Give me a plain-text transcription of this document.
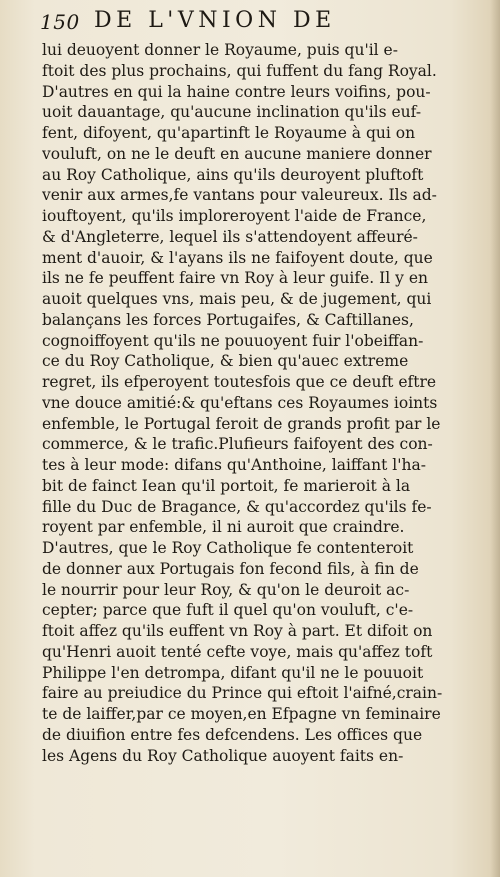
150 DE L'VNION DE
lui deuoyent donner le Royaume, puis qu'il e-
ftoit des plus prochains, qui fuffent du fang Royal.
D'autres en qui la haine contre leurs voifins, pou-
uoit dauantage, qu'aucune inclination qu'ils euf-
fent, difoyent, qu'apartinft le Royaume à qui on
vouluft, on ne le deuft en aucune maniere donner
au Roy Catholique, ains qu'ils deuroyent pluftoft
venir aux armes,fe vantans pour valeureux. Ils ad-
iouftoyent, qu'ils imploreroyent l'aide de France,
& d'Angleterre, lequel ils s'attendoyent affeuré-
ment d'auoir, & l'ayans ils ne faifoyent doute, que
ils ne fe peuffent faire vn Roy à leur guife. Il y en
auoit quelques vns, mais peu, & de jugement, qui
balançans les forces Portugaifes, & Caftillanes,
cognoiffoyent qu'ils ne pouuoyent fuir l'obeiffan-
ce du Roy Catholique, & bien qu'auec extreme
regret, ils efperoyent toutesfois que ce deuft eftre
vne douce amitié:& qu'eftans ces Royaumes ioints
enfemble, le Portugal feroit de grands profit par le
commerce, & le trafic.Plufieurs faifoyent des con-
tes à leur mode: difans qu'Anthoine, laiffant l'ha-
bit de fainct Iean qu'il portoit, fe marieroit à la
fille du Duc de Bragance, & qu'accordez qu'ils fe-
royent par enfemble, il ni auroit que craindre.
D'autres, que le Roy Catholique fe contenteroit
de donner aux Portugais fon fecond fils, à fin de
le nourrir pour leur Roy, & qu'on le deuroit ac-
cepter; parce que fuft il quel qu'on vouluft, c'e-
ftoit affez qu'ils euffent vn Roy à part. Et difoit on
qu'Henri auoit tenté cefte voye, mais qu'affez toft
Philippe l'en detrompa, difant qu'il ne le pouuoit
faire au preiudice du Prince qui eftoit l'aifné,crain-
te de laiffer,par ce moyen,en Efpagne vn feminaire
de diuifion entre fes defcendens. Les offices que
les Agens du Roy Catholique auoyent faits en-
